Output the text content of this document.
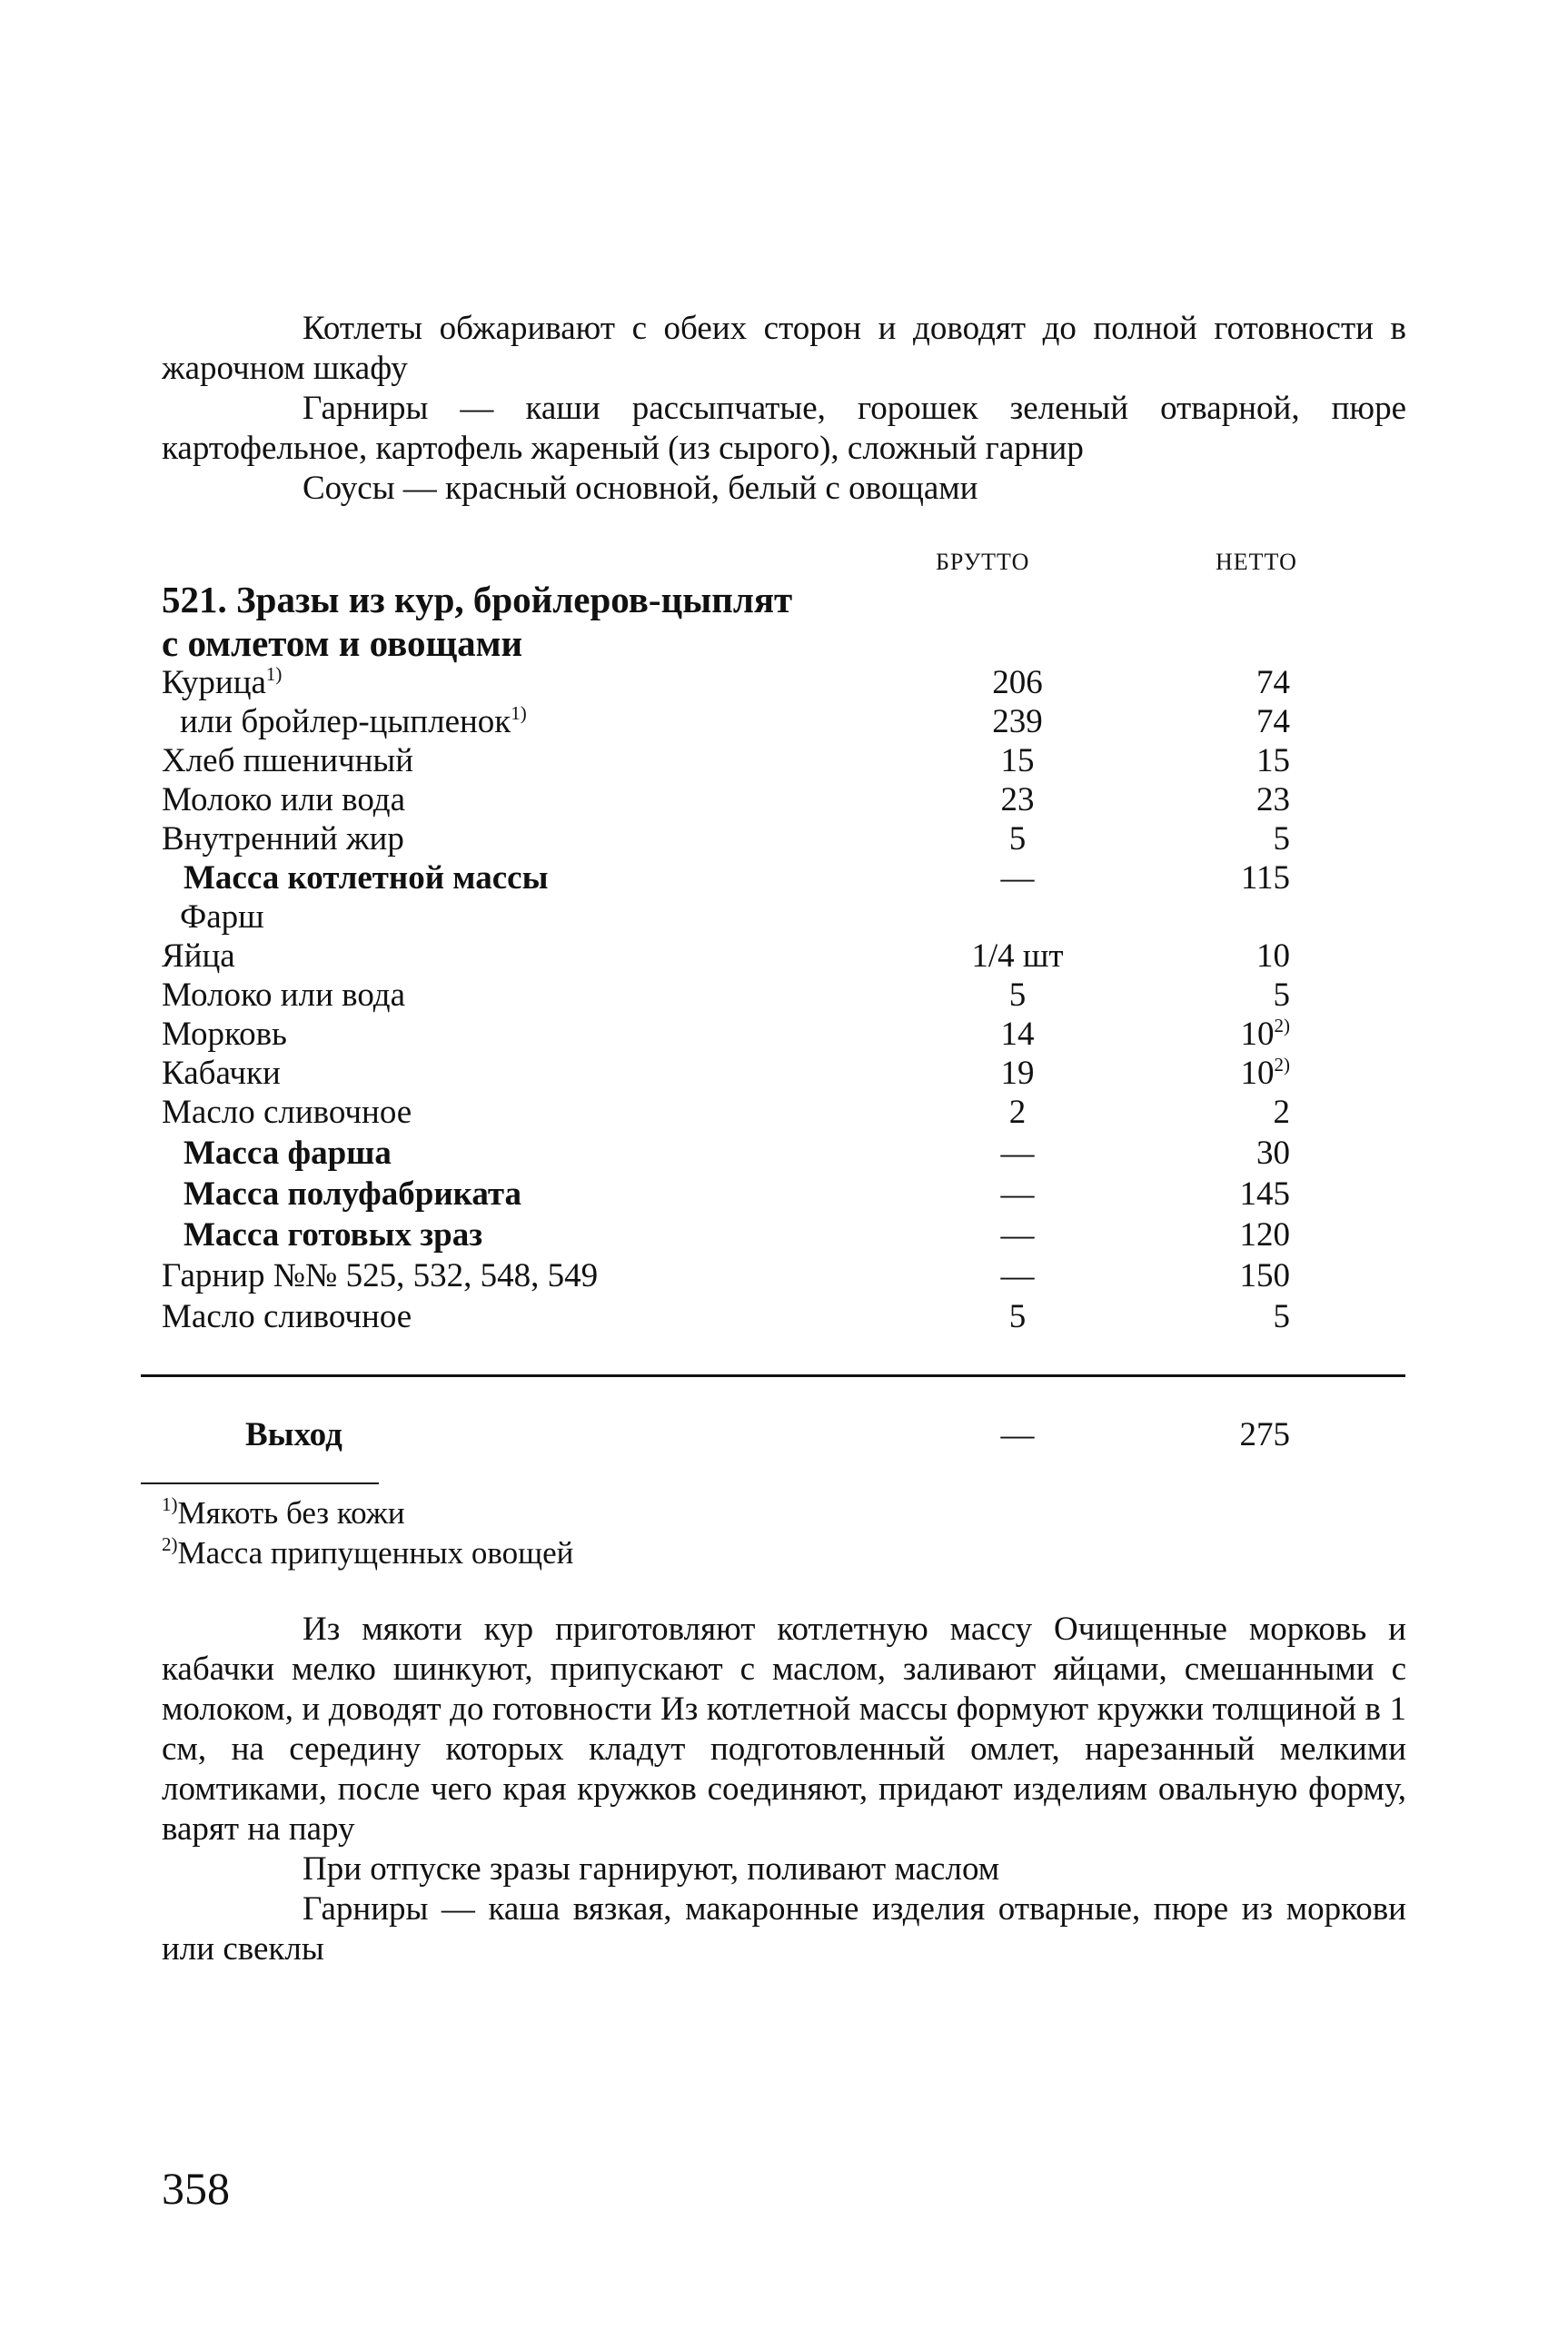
Котлеты обжаривают с обеих сторон и доводят до полной готовности в жарочном шкафу

Гарниры — каши рассыпчатые, горошек зеленый отварной, пюре картофельное, картофель жареный (из сырого), сложный гарнир

Соусы — красный основной, белый с овощами

БРУТТО	НЕТТО
521. Зразы из кур, бройлеров-цыплят
с омлетом и овощами
Курица$^{1)}$	206	74
или бройлер-цыпленок$^{1)}$	239	74
Хлеб пшеничный	15	15
Молоко или вода	23	23
Внутренний жир	5	5
Масса котлетной массы	—	115
Фарш
Яйца	1/4 шт	10
Молоко или вода	5	5
Морковь	14	10$^{2)}$
Кабачки	19	10$^{2)}$
Масло сливочное	2	2
Масса фарша	—	30
Масса полуфабриката	—	145
Масса готовых зраз	—	120
Гарнир №№ 525, 532, 548, 549	—	150
Масло сливочное	5	5
Выход	—	275
$^{1)}$Мякоть без кожи
$^{2)}$Масса припущенных овощей

Из мякоти кур приготовляют котлетную массу Очищенные морковь и кабачки мелко шинкуют, припускают с маслом, заливают яйцами, смешанными с молоком, и доводят до готовности Из котлетной массы формуют кружки толщиной в 1 см, на середину которых кладут подготовленный омлет, нарезанный мелкими ломтиками, после чего края кружков соединяют, придают изделиям овальную форму, варят на пару

При отпуске зразы гарнируют, поливают маслом

Гарниры — каша вязкая, макаронные изделия отварные, пюре из моркови или свеклы

358
